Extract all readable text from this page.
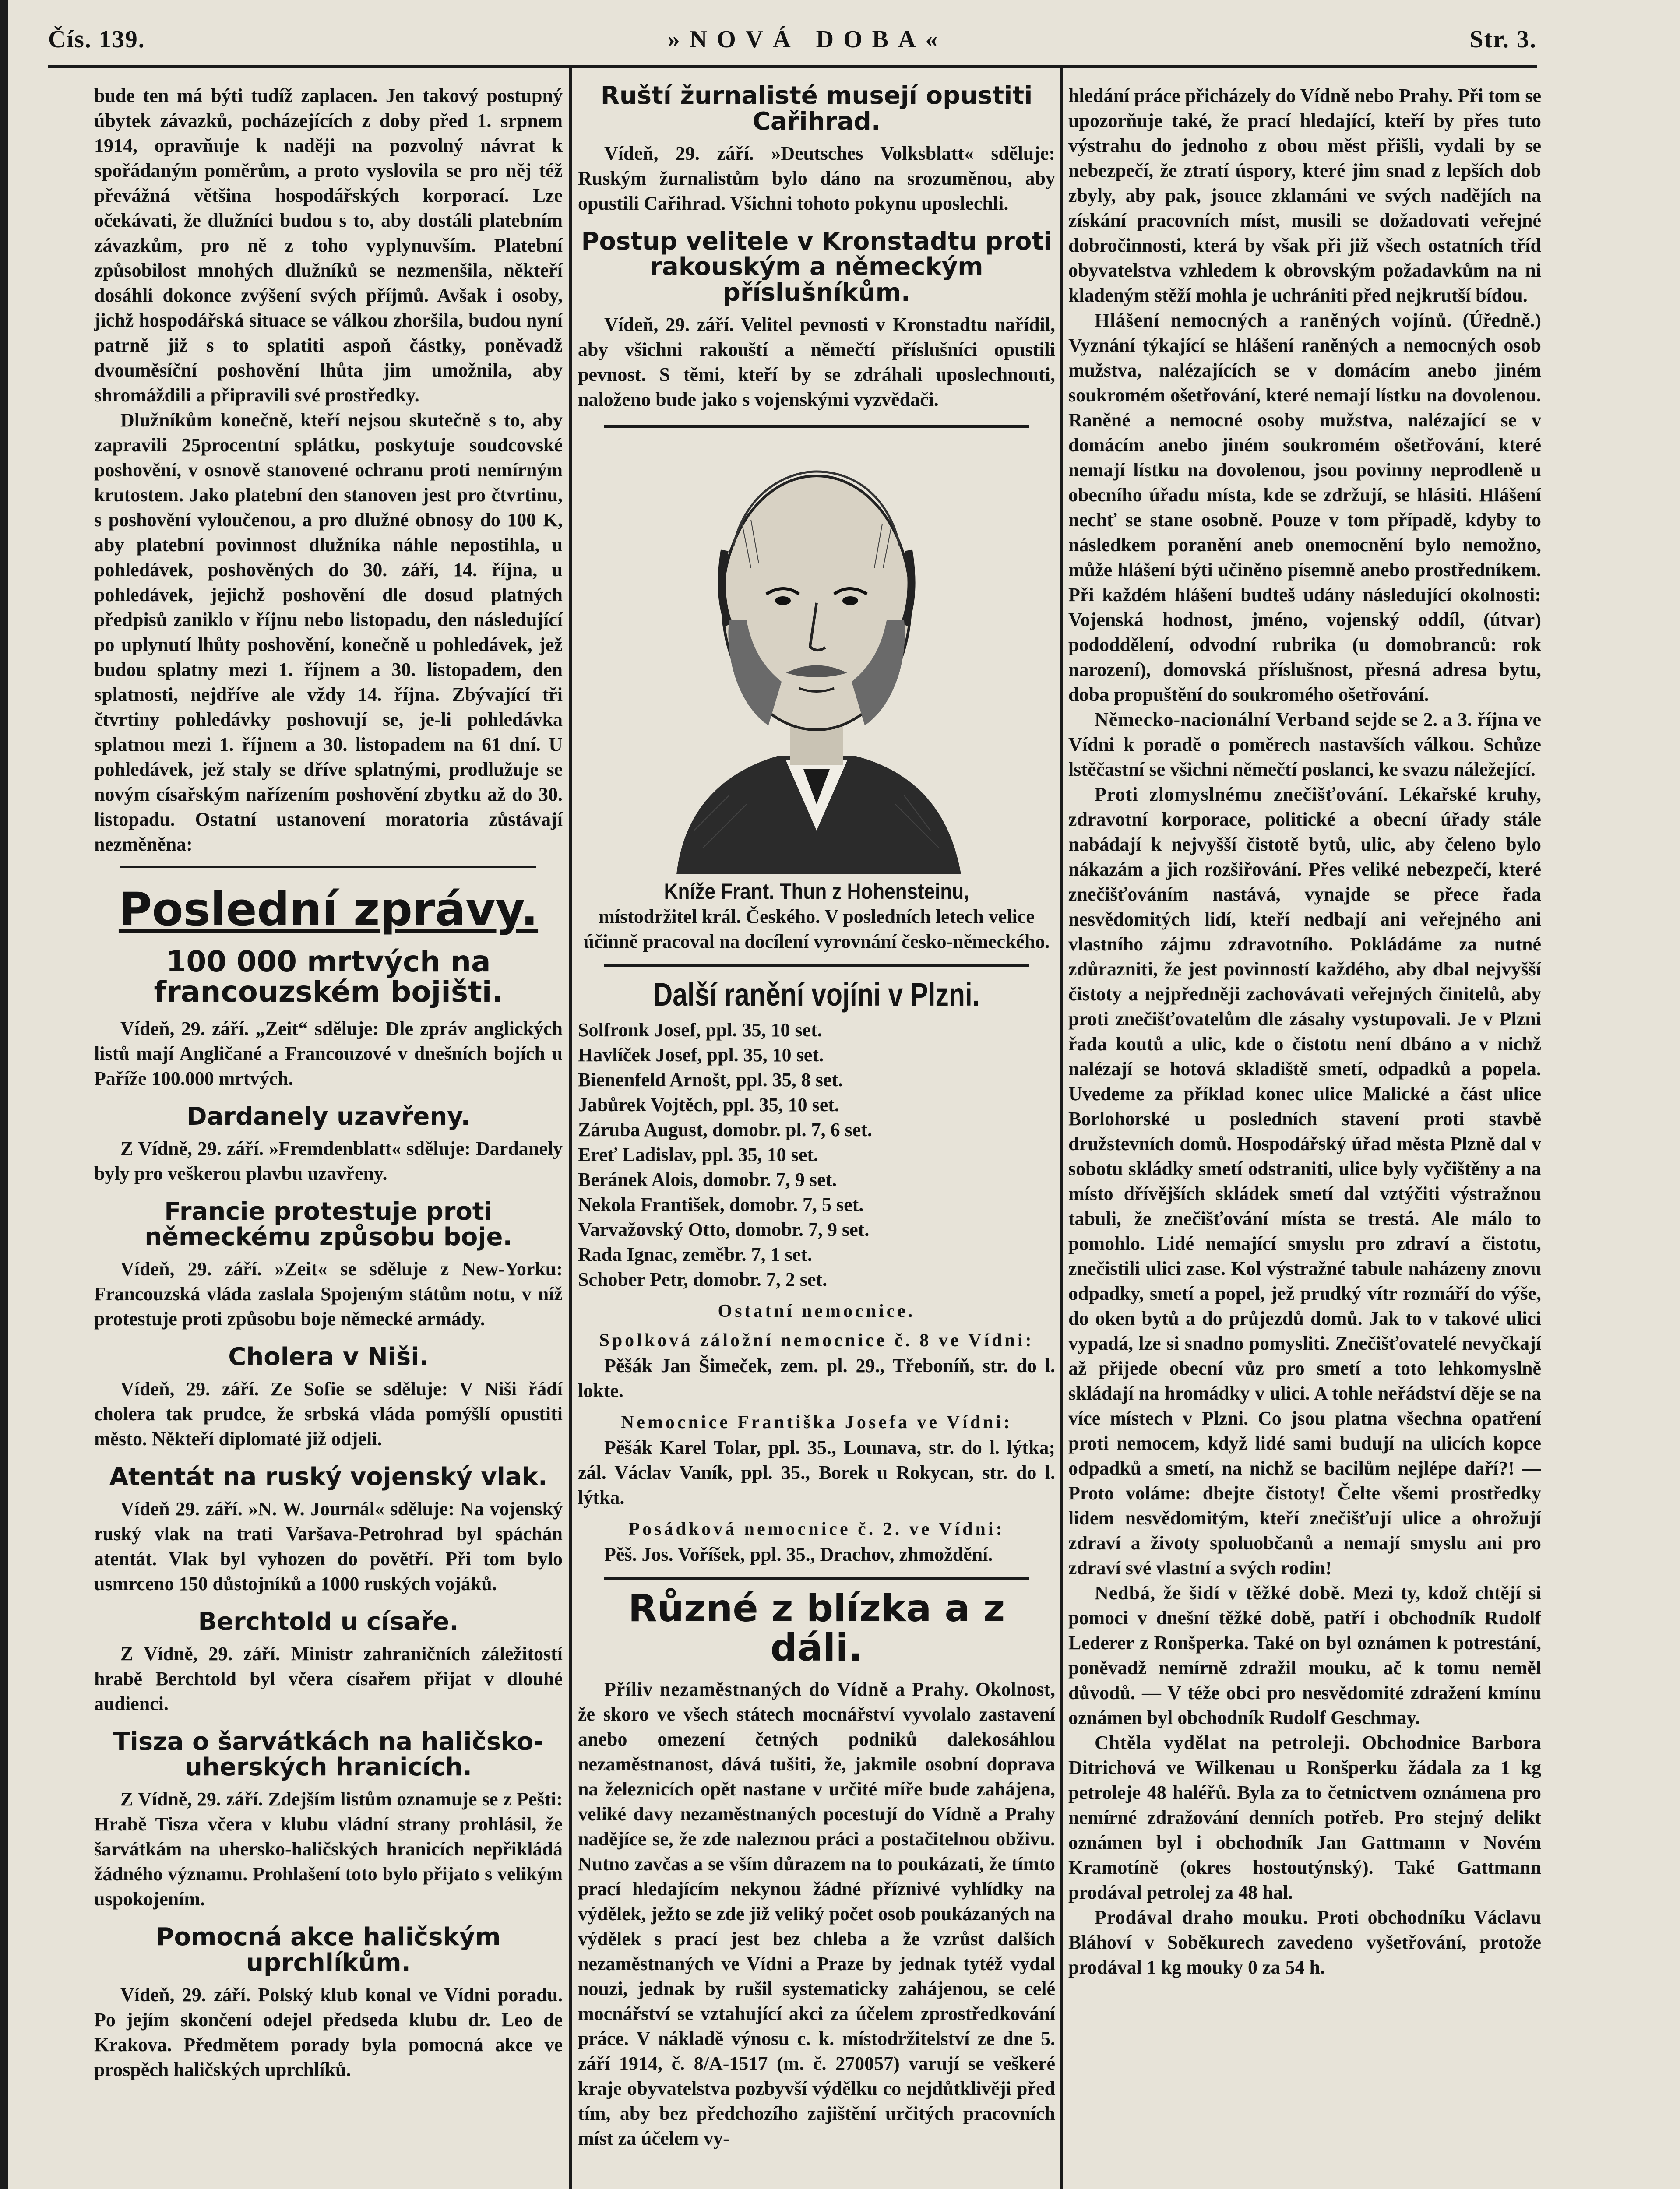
Čís. 139.	»NOVÁ DOBA«	Str. 3.

bude ten má býti tudíž zaplacen. Jen takový postupný úbytek závazků, pocházejících z doby před 1. srpnem 1914, opravňuje k naději na pozvolný návrat k spořádaným poměrům, a proto vyslovila se pro něj též převážná většina hospodářských korporací. Lze očekávati, že dlužníci budou s to, aby dostáli platebním závazkům, pro ně z toho vyplynuvším. Platební způsobilost mnohých dlužníků se nezmenšila, někteří dosáhli dokonce zvýšení svých příjmů. Avšak i osoby, jichž hospodářská situace se válkou zhoršila, budou nyní patrně již s to splatiti aspoň částky, poněvadž dvouměsíční poshovění lhůta jim umožnila, aby shromáždili a připravili své prostředky.

Dlužníkům konečně, kteří nejsou skutečně s to, aby zapravili 25procentní splátku, poskytuje soudcovské poshovění, v osnově stanovené ochranu proti nemírným krutostem. Jako platební den stanoven jest pro čtvrtinu, s poshovění vyloučenou, a pro dlužné obnosy do 100 K, aby platební povinnost dlužníka náhle nepostihla, u pohledávek, poshověných do 30. září, 14. října, u pohledávek, jejichž poshovění dle dosud platných předpisů zaniklo v říjnu nebo listopadu, den následující po uplynutí lhůty poshovění, konečně u pohledávek, jež budou splatny mezi 1. říjnem a 30. listopadem, den splatnosti, nejdříve ale vždy 14. října. Zbývající tři čtvrtiny pohledávky poshovují se, je-li pohledávka splatnou mezi 1. říjnem a 30. listopadem na 61 dní. U pohledávek, jež staly se dříve splatnými, prodlužuje se novým císařským nařízením poshovění zbytku až do 30. listopadu. Ostatní ustanovení moratoria zůstávají nezměněna:

Poslední zprávy.

100 000 mrtvých na francouzském bojišti.

Vídeň, 29. září. „Zeit“ sděluje: Dle zpráv anglických listů mají Angličané a Francouzové v dnešních bojích u Paříže 100.000 mrtvých.

Dardanely uzavřeny.

Z Vídně, 29. září. »Fremdenblatt« sděluje: Dardanely byly pro veškerou plavbu uzavřeny.

Francie protestuje proti německému způsobu boje.

Vídeň, 29. září. »Zeit« se sděluje z New-Yorku: Francouzská vláda zaslala Spojeným státům notu, v níž protestuje proti způsobu boje německé armády.

Cholera v Niši.

Vídeň, 29. září. Ze Sofie se sděluje: V Niši řádí cholera tak prudce, že srbská vláda pomýšlí opustiti město. Někteří diplomaté již odjeli.

Atentát na ruský vojenský vlak.

Vídeň 29. září. »N. W. Journál« sděluje: Na vojenský ruský vlak na trati Varšava-Petrohrad byl spáchán atentát. Vlak byl vyhozen do povětří. Při tom bylo usmrceno 150 důstojníků a 1000 ruských vojáků.

Berchtold u císaře.

Z Vídně, 29. září. Ministr zahraničních záležitostí hrabě Berchtold byl včera císařem přijat v dlouhé audienci.

Tisza o šarvátkách na haličsko-uherských hranicích.

Z Vídně, 29. září. Zdejším listům oznamuje se z Pešti: Hrabě Tisza včera v klubu vládní strany prohlásil, že šarvátkám na uhersko-haličských hranicích nepřikládá žádného významu. Prohlašení toto bylo přijato s velikým uspokojením.

Pomocná akce haličským uprchlíkům.

Vídeň, 29. září. Polský klub konal ve Vídni poradu. Po jejím skončení odejel předseda klubu dr. Leo de Krakova. Předmětem porady byla pomocná akce ve prospěch haličských uprchlíků.

Ruští žurnalisté musejí opustiti Cařihrad.

Vídeň, 29. září. »Deutsches Volksblatt« sděluje: Ruským žurnalistům bylo dáno na srozuměnou, aby opustili Cařihrad. Všichni tohoto pokynu uposlechli.

Postup velitele v Kronstadtu proti rakouským a německým příslušníkům.

Vídeň, 29. září. Velitel pevnosti v Kronstadtu nařídil, aby všichni rakouští a němečtí příslušníci opustili pevnost. S těmi, kteří by se zdráhali uposlechnouti, naloženo bude jako s vojenskými vyzvědači.

Kníže Frant. Thun z Hohensteinu,

místodržitel král. Českého. V posledních letech velice účinně pracoval na docílení vyrovnání česko-německého.

Další ranění vojíni v Plzni.

Solfronk Josef, ppl. 35, 10 set.

Havlíček Josef, ppl. 35, 10 set.

Bienenfeld Arnošt, ppl. 35, 8 set.

Jabůrek Vojtěch, ppl. 35, 10 set.

Záruba August, domobr. pl. 7, 6 set.

Ereť Ladislav, ppl. 35, 10 set.

Beránek Alois, domobr. 7, 9 set.

Nekola František, domobr. 7, 5 set.

Varvažovský Otto, domobr. 7, 9 set.

Rada Ignac, zeměbr. 7, 1 set.

Schober Petr, domobr. 7, 2 set.

Ostatní nemocnice.

Spolková záložní nemocnice č. 8 ve Vídni:

Pěšák Jan Šimeček, zem. pl. 29., Třeboníň, str. do l. lokte.

Nemocnice Františka Josefa ve Vídni:

Pěšák Karel Tolar, ppl. 35., Lounava, str. do l. lýtka; zál. Václav Vaník, ppl. 35., Borek u Rokycan, str. do l. lýtka.

Posádková nemocnice č. 2. ve Vídni:

Pěš. Jos. Voříšek, ppl. 35., Drachov, zhmoždění.

Různé z blízka a z dáli.

Příliv nezaměstnaných do Vídně a Prahy. Okolnost, že skoro ve všech státech mocnářství vyvolalo zastavení anebo omezení četných podniků dalekosáhlou nezaměstnanost, dává tušiti, že, jakmile osobní doprava na železnicích opět nastane v určité míře bude zahájena, veliké davy nezaměstnaných pocestují do Vídně a Prahy nadějíce se, že zde naleznou práci a postačitelnou obživu. Nutno zavčas a se vším důrazem na to poukázati, že tímto prací hledajícím nekynou žádné příznivé vyhlídky na výdělek, ježto se zde již veliký počet osob poukázaných na výdělek s prací jest bez chleba a že vzrůst dalších nezaměstnaných ve Vídni a Praze by jednak tytéž vydal nouzi, jednak by rušil systematicky zahájenou, se celé mocnářství se vztahující akci za účelem zprostředkování práce. V nákladě výnosu c. k. místodržitelství ze dne 5. září 1914, č. 8/A-1517 (m. č. 270057) varují se veškeré kraje obyvatelstva pozbyvší výdělku co nejdůtklivěji před tím, aby bez předchozího zajištění určitých pracovních míst za účelem vy-

hledání práce přicházely do Vídně nebo Prahy. Při tom se upozorňuje také, že prací hledající, kteří by přes tuto výstrahu do jednoho z obou měst přišli, vydali by se nebezpečí, že ztratí úspory, které jim snad z lepších dob zbyly, aby pak, jsouce zklamáni ve svých nadějích na získání pracovních míst, musili se dožadovati veřejné dobročinnosti, která by však při již všech ostatních tříd obyvatelstva vzhledem k obrovským požadavkům na ni kladeným stěží mohla je uchrániti před nejkrutší bídou.

Hlášení nemocných a raněných vojínů. (Úředně.) Vyznání týkající se hlášení raněných a nemocných osob mužstva, nalézajících se v domácím anebo jiném soukromém ošetřování, které nemají lístku na dovolenou. Raněné a nemocné osoby mužstva, nalézající se v domácím anebo jiném soukromém ošetřování, které nemají lístku na dovolenou, jsou povinny neprodleně u obecního úřadu místa, kde se zdržují, se hlásiti. Hlášení nechť se stane osobně. Pouze v tom případě, kdyby to následkem poranění aneb onemocnění bylo nemožno, může hlášení býti učiněno písemně anebo prostředníkem. Při každém hlášení budteš udány následující okolnosti: Vojenská hodnost, jméno, vojenský oddíl, (útvar) pododdělení, odvodní rubrika (u domobranců: rok narození), domovská příslušnost, přesná adresa bytu, doba propuštění do soukromého ošetřování.

Německo-nacionální Verband sejde se 2. a 3. října ve Vídni k poradě o poměrech nastavších válkou. Schůze lstěčastní se všichni němečtí poslanci, ke svazu náležející.

Proti zlomyslnému znečišťování. Lékařské kruhy, zdravotní korporace, politické a obecní úřady stále nabádají k nejvyšší čistotě bytů, ulic, aby čeleno bylo nákazám a jich rozšiřování. Přes veliké nebezpečí, které znečišťováním nastává, vynajde se přece řada nesvědomitých lidí, kteří nedbají ani veřejného ani vlastního zájmu zdravotního. Pokládáme za nutné zdůrazniti, že jest povinností každého, aby dbal nejvyšší čistoty a nejpředněji zachovávati veřejných činitelů, aby proti znečišťovatelům dle zásahy vystupovali. Je v Plzni řada koutů a ulic, kde o čistotu není dbáno a v nichž nalézají se hotová skladiště smetí, odpadků a popela. Uvedeme za příklad konec ulice Malické a část ulice Borlohorské u posledních stavení proti stavbě družstevních domů. Hospodářský úřad města Plzně dal v sobotu skládky smetí odstraniti, ulice byly vyčištěny a na místo dřívějších skládek smetí dal vztýčiti výstražnou tabuli, že znečišťování místa se trestá. Ale málo to pomohlo. Lidé nemající smyslu pro zdraví a čistotu, znečistili ulici zase. Kol výstražné tabule naházeny znovu odpadky, smetí a popel, jež prudký vítr rozmáří do výše, do oken bytů a do průjezdů domů. Jak to v takové ulici vypadá, lze si snadno pomysliti. Znečišťovatelé nevyčkají až přijede obecní vůz pro smetí a toto lehkomyslně skládají na hromádky v ulici. A tohle neřádství děje se na více místech v Plzni. Co jsou platna všechna opatření proti nemocem, když lidé sami budují na ulicích kopce odpadků a smetí, na nichž se bacilům nejlépe daří?! — Proto voláme: dbejte čistoty! Čelte všemi prostředky lidem nesvědomitým, kteří znečišťují ulice a ohrožují zdraví a životy spoluobčanů a nemají smyslu ani pro zdraví své vlastní a svých rodin!

Nedbá, že šidí v těžké době. Mezi ty, kdož chtějí si pomoci v dnešní těžké době, patří i obchodník Rudolf Lederer z Ronšperka. Také on byl oznámen k potrestání, poněvadž nemírně zdražil mouku, ač k tomu neměl důvodů. — V téže obci pro nesvědomité zdražení kmínu oznámen byl obchodník Rudolf Geschmay.

Chtěla vydělat na petroleji. Obchodnice Barbora Ditrichová ve Wilkenau u Ronšperku žádala za 1 kg petroleje 48 haléřů. Byla za to četnictvem oznámena pro nemírné zdražování denních potřeb. Pro stejný delikt oznámen byl i obchodník Jan Gattmann v Novém Kramotíně (okres hostoutýnský). Také Gattmann prodával petrolej za 48 hal.

Prodával draho mouku. Proti obchodníku Václavu Bláhoví v Soběkurech zavedeno vyšetřování, protože prodával 1 kg mouky 0 za 54 h.
